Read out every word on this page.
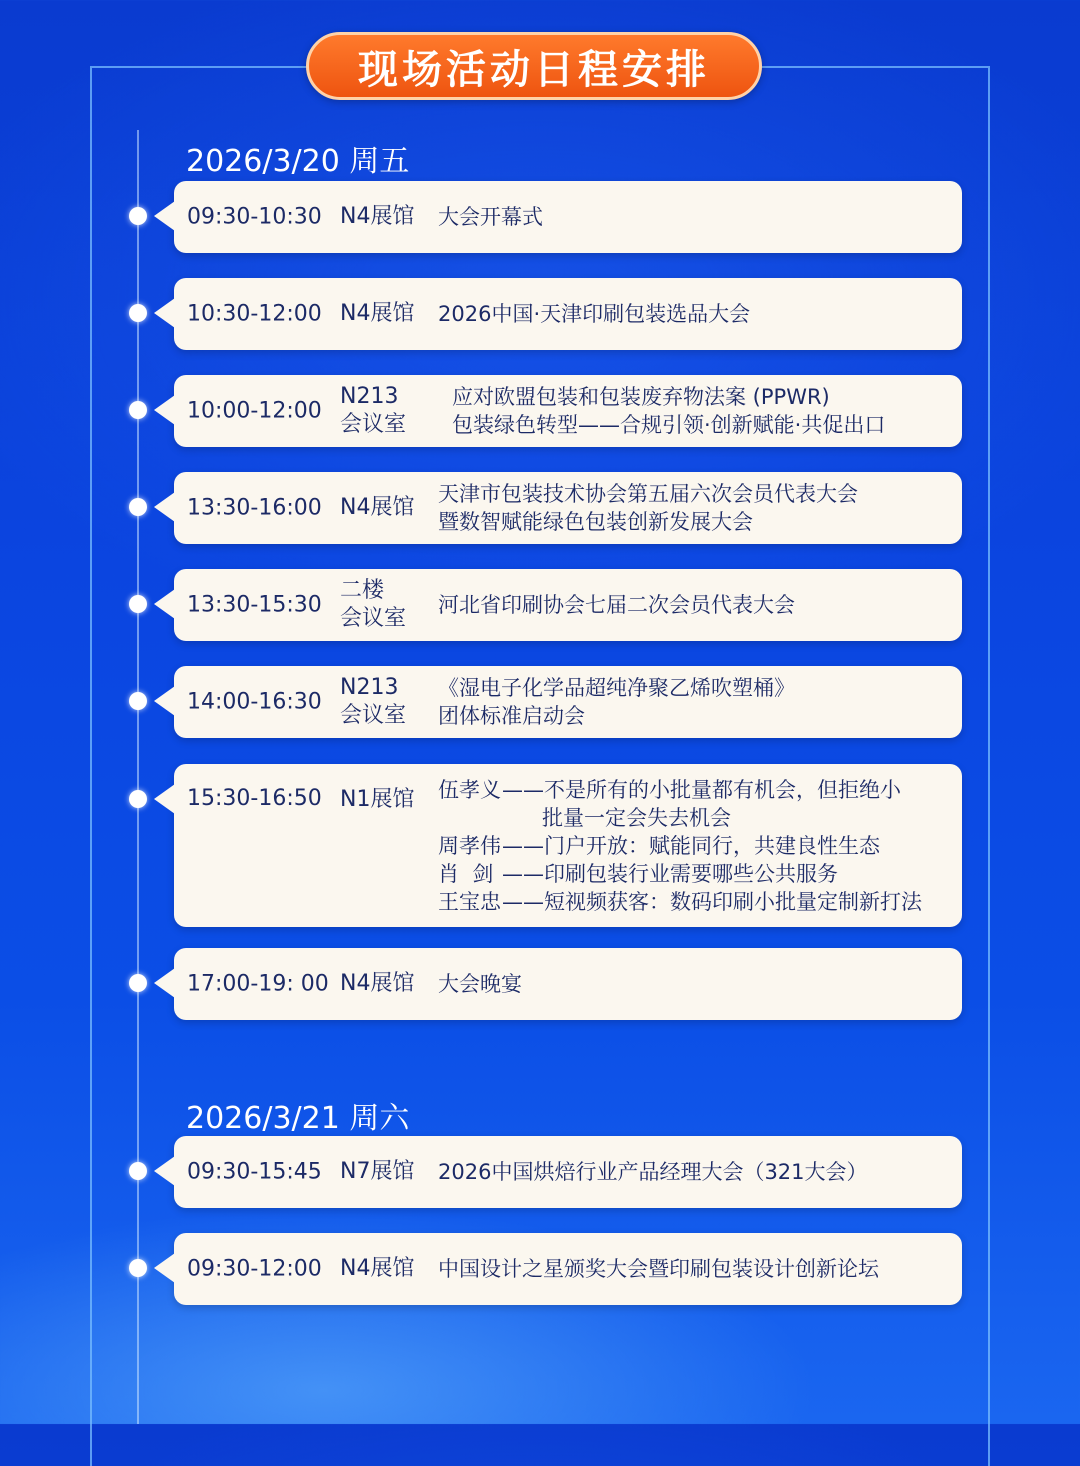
现场活动日程安排
2026/3/20 周五
09:30-10:30 N4展馆 大会开幕式
10:30-12:00 N4展馆 2026中国·天津印刷包装选品大会
10:00-12:00
N213
会议室
应对欧盟包装和包装废弃物法案 (PPWR)
包装绿色转型——合规引领·创新赋能·共促出口
13:30-16:00 N4展馆
天津市包装技术协会第五届六次会员代表大会
暨数智赋能绿色包装创新发展大会
13:30-15:30
二楼
会议室
河北省印刷协会七届二次会员代表大会
14:00-16:30
N213
会议室
《湿电子化学品超纯净聚乙烯吹塑桶》
团体标准启动会
15:30-16:50 N1展馆 伍孝义——不是所有的小批量都有机会，但拒绝小
批量一定会失去机会
周孝伟——门户开放：赋能同行，共建良性生态
肖  剑 ——印刷包装行业需要哪些公共服务
王宝忠——短视频获客：数码印刷小批量定制新打法
17:00-19: 00 N4展馆 大会晚宴
2026/3/21 周六
09:30-15:45 N7展馆 2026中国烘焙行业产品经理大会（321大会）
09:30-12:00 N4展馆 中国设计之星颁奖大会暨印刷包装设计创新论坛
